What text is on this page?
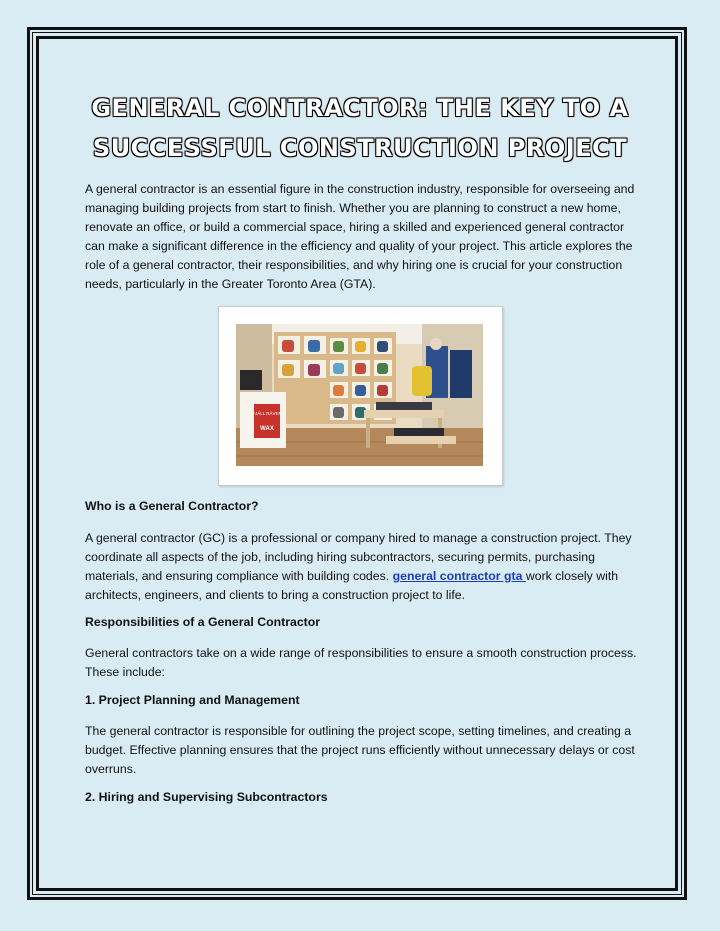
GENERAL CONTRACTOR: THE KEY TO A
SUCCESSFUL CONSTRUCTION PROJECT

A general contractor is an essential figure in the construction industry, responsible for overseeing and managing building projects from start to finish. Whether you are planning to construct a new home, renovate an office, or build a commercial space, hiring a skilled and experienced general contractor can make a significant difference in the efficiency and quality of your project. This article explores the role of a general contractor, their responsibilities, and why hiring one is crucial for your construction needs, particularly in the Greater Toronto Area (GTA).

FJÄLL RÄVEN
WAX

Who is a General Contractor?

A general contractor (GC) is a professional or company hired to manage a construction project. They coordinate all aspects of the job, including hiring subcontractors, securing permits, purchasing materials, and ensuring compliance with building codes. general contractor gta work closely with architects, engineers, and clients to bring a construction project to life.

Responsibilities of a General Contractor

General contractors take on a wide range of responsibilities to ensure a smooth construction process. These include:

1. Project Planning and Management

The general contractor is responsible for outlining the project scope, setting timelines, and creating a budget. Effective planning ensures that the project runs efficiently without unnecessary delays or cost overruns.

2. Hiring and Supervising Subcontractors
